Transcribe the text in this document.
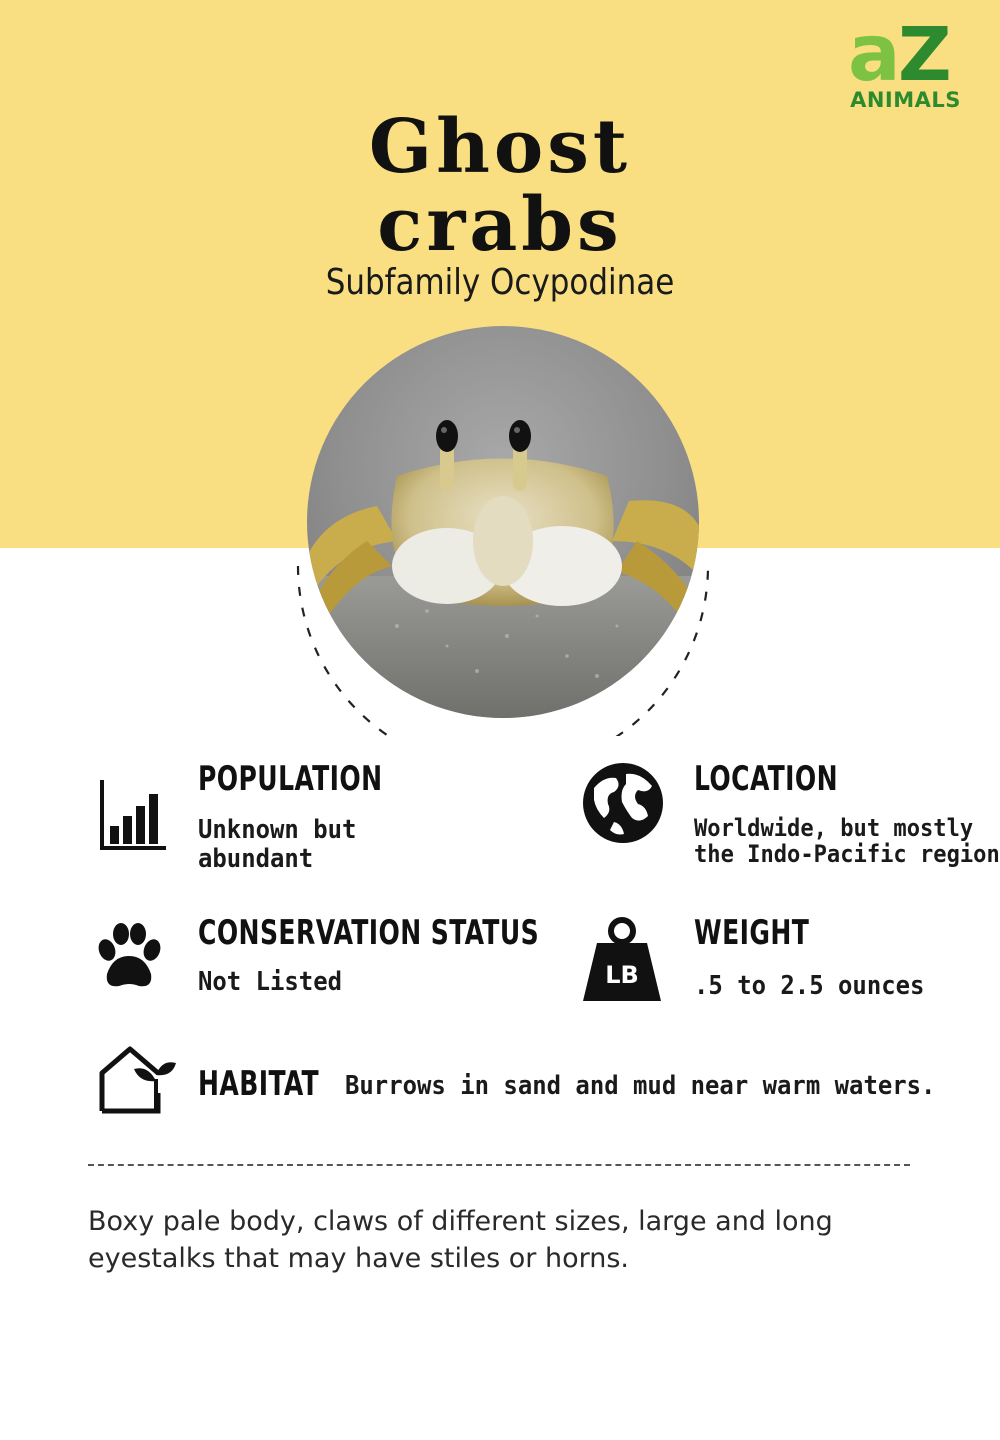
a Z
ANIMALS
Ghost
crabs
Subfamily Ocypodinae
POPULATION
Unknown but
abundant
LOCATION
Worldwide, but mostly
the Indo-Pacific region
CONSERVATION STATUS
Not Listed	LB
WEIGHT
.5 to 2.5 ounces
HABITAT Burrows in sand and mud near warm waters.
Boxy pale body, claws of different sizes, large and long
eyestalks that may have stiles or horns.
